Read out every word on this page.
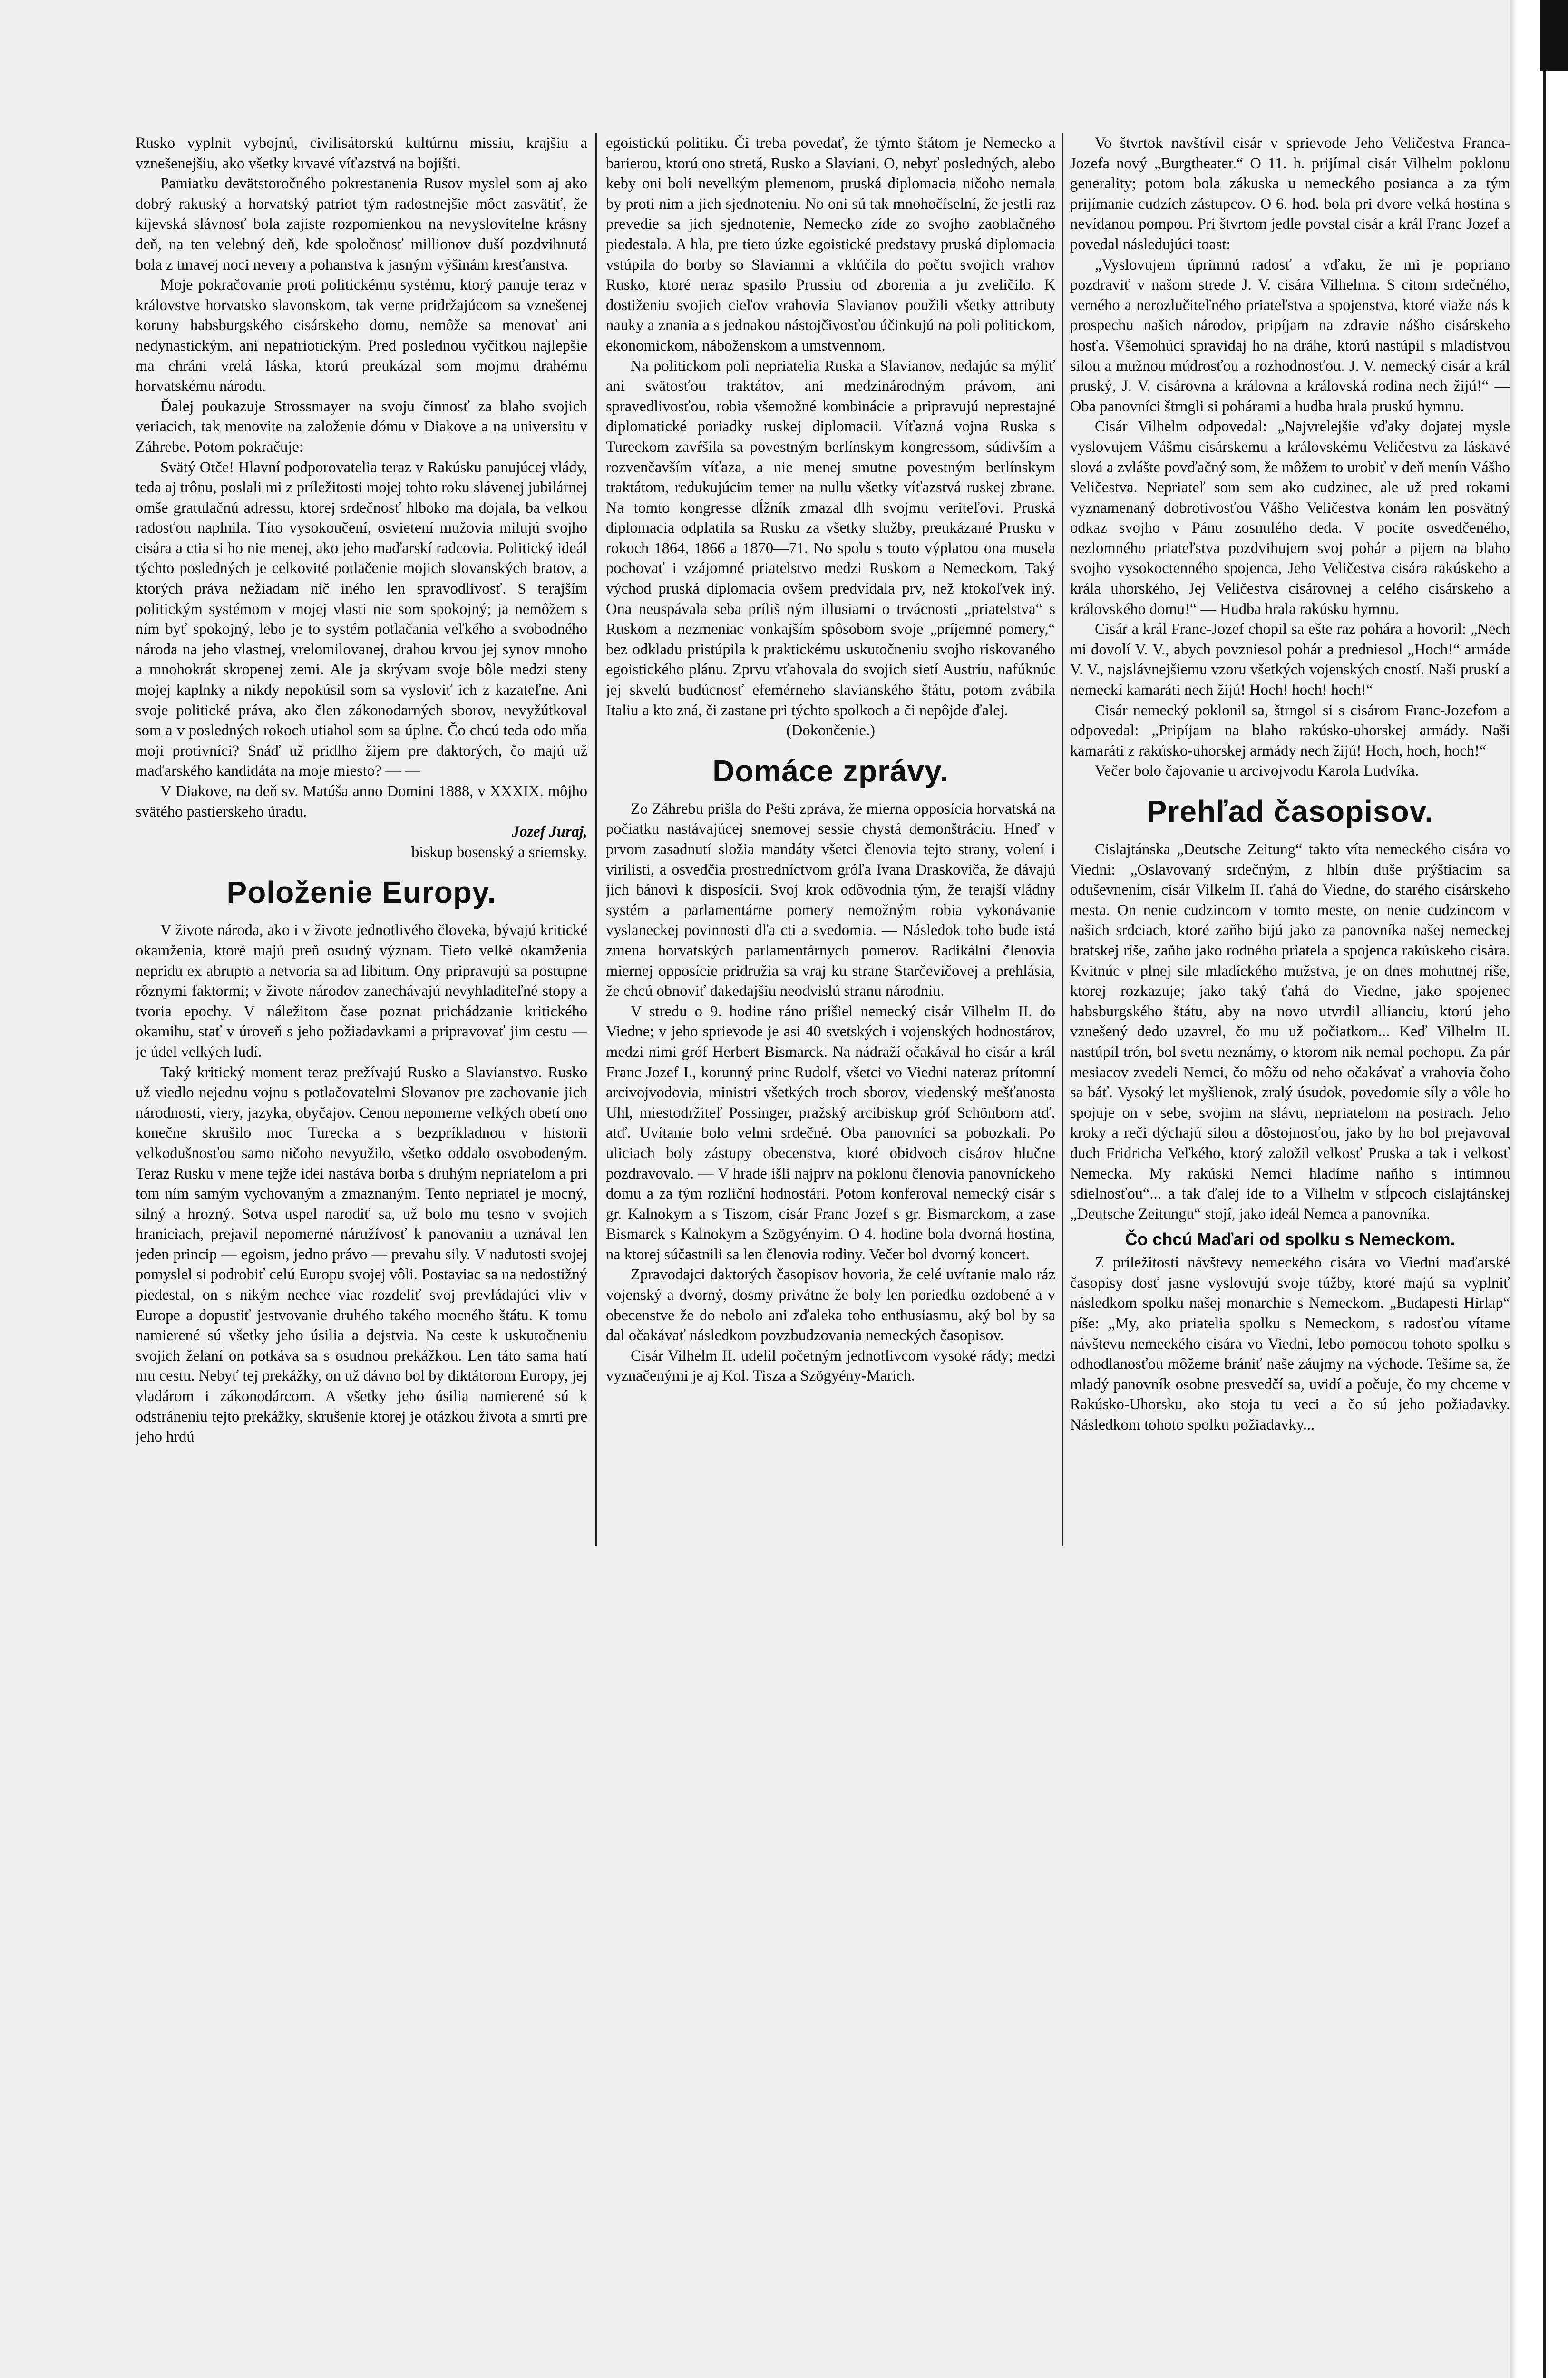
Rusko vyplnit vybojnú, civilisátorskú kultúrnu missiu, krajšiu a vznešenejšiu, ako všetky krvavé víťazstvá na bojišti.

Pamiatku devätstoročného pokrestanenia Rusov myslel som aj ako dobrý rakuský a horvatský patriot tým radostnejšie môct zasvätiť, že kijevská slávnosť bola zajiste rozpomienkou na nevyslovitelne krásny deň, na ten velebný deň, kde spoločnosť millionov duší pozdvihnutá bola z tmavej noci nevery a pohanstva k jasným výšinám kresťanstva.

Moje pokračovanie proti politickému systému, ktorý panuje teraz v královstve horvatsko slavonskom, tak verne pridržajúcom sa vznešenej koruny habsburgského cisárskeho domu, nemôže sa menovať ani nedynastickým, ani nepatriotickým. Pred poslednou vyčitkou najlepšie ma chráni vrelá láska, ktorú preukázal som mojmu drahému horvatskému národu.

Ďalej poukazuje Strossmayer na svoju činnosť za blaho svojich veriacich, tak menovite na založenie dómu v Diakove a na universitu v Záhrebe. Potom pokračuje:

Svätý Otče! Hlavní podporovatelia teraz v Rakúsku panujúcej vlády, teda aj trônu, poslali mi z príležitosti mojej tohto roku slávenej jubilárnej omše gratulačnú adressu, ktorej srdečnosť hlboko ma dojala, ba velkou radosťou naplnila. Títo vysokoučení, osvietení mužovia milujú svojho cisára a ctia si ho nie menej, ako jeho maďarskí radcovia. Politický ideál týchto posledných je celkovité potlačenie mojich slovanských bratov, a ktorých práva nežiadam nič iného len spravodlivosť. S terajším politickým systémom v mojej vlasti nie som spokojný; ja nemôžem s ním byť spokojný, lebo je to systém potlačania veľkého a svobodného národa na jeho vlastnej, vrelomilovanej, drahou krvou jej synov mnoho a mnohokrát skropenej zemi. Ale ja skrývam svoje bôle medzi steny mojej kaplnky a nikdy nepokúsil som sa vysloviť ich z kazateľne. Ani svoje politické práva, ako člen zákonodarných sborov, nevyžútkoval som a v posledných rokoch utiahol som sa úplne. Čo chcú teda odo mňa moji protivníci? Snáď už pridlho žijem pre daktorých, čo majú už maďarského kandidáta na moje miesto? — —

V Diakove, na deň sv. Matúša anno Domini 1888, v XXXIX. môjho svätého pastierskeho úradu.

Jozef Juraj,

biskup bosenský a sriemsky.

Položenie Europy.

V živote národa, ako i v živote jednotlivého človeka, bývajú kritické okamženia, ktoré majú preň osudný význam. Tieto velké okamženia nepridu ex abrupto a netvoria sa ad libitum. Ony pripravujú sa postupne rôznymi faktormi; v živote národov zanechávajú nevyhladiteľné stopy a tvoria epochy. V náležitom čase poznat prichádzanie kritického okamihu, stať v úroveň s jeho požiadavkami a pripravovať jim cestu — je údel velkých ludí.

Taký kritický moment teraz prežívajú Rusko a Slavianstvo. Rusko už viedlo nejednu vojnu s potlačovatelmi Slovanov pre zachovanie jich národnosti, viery, jazyka, obyčajov. Cenou nepomerne velkých obetí ono konečne skrušilo moc Turecka a s bezpríkladnou v historii velkodušnosťou samo ničoho nevyužilo, všetko oddalo osvobodeným. Teraz Rusku v mene tejže idei nastáva borba s druhým nepriatelom a pri tom ním samým vychovaným a zmaznaným. Tento nepriatel je mocný, silný a hrozný. Sotva uspel narodiť sa, už bolo mu tesno v svojich hraniciach, prejavil nepomerné náružívosť k panovaniu a uznával len jeden princip — egoism, jedno právo — prevahu sily. V nadutosti svojej pomyslel si podrobiť celú Europu svojej vôli. Postaviac sa na nedostižný piedestal, on s nikým nechce viac rozdeliť svoj prevládajúci vliv v Europe a dopustiť jestvovanie druhého takého mocného štátu. K tomu namierené sú všetky jeho úsilia a dejstvia. Na ceste k uskutočneniu svojich želaní on potkáva sa s osudnou prekážkou. Len táto sama hatí mu cestu. Nebyť tej prekážky, on už dávno bol by diktátorom Europy, jej vladárom i zákonodárcom. A všetky jeho úsilia namierené sú k odstráneniu tejto prekážky, skrušenie ktorej je otázkou života a smrti pre jeho hrdú

egoistickú politiku. Či treba povedať, že týmto štátom je Nemecko a barierou, ktorú ono stretá, Rusko a Slaviani. O, nebyť posledných, alebo keby oni boli nevelkým plemenom, pruská diplomacia ničoho nemala by proti nim a jich sjednoteniu. No oni sú tak mnohočíselní, že jestli raz prevedie sa jich sjednotenie, Nemecko zíde zo svojho zaoblačného piedestala. A hla, pre tieto úzke egoistické predstavy pruská diplomacia vstúpila do borby so Slavianmi a vklúčila do počtu svojich vrahov Rusko, ktoré neraz spasilo Prussiu od zborenia a ju zveličilo. K dostiženiu svojich cieľov vrahovia Slavianov použili všetky attributy nauky a znania a s jednakou nástojčivosťou účinkujú na poli politickom, ekonomickom, náboženskom a umstvennom.

Na politickom poli nepriatelia Ruska a Slavianov, nedajúc sa mýliť ani svätosťou traktátov, ani medzinárodným právom, ani spravedlivosťou, robia všemožné kombinácie a pripravujú neprestajné diplomatické poriadky ruskej diplomacii. Víťazná vojna Ruska s Tureckom zavŕšila sa povestným berlínskym kongressom, súdivším a rozvenčavším víťaza, a nie menej smutne povestným berlínskym traktátom, redukujúcim temer na nullu všetky víťazstvá ruskej zbrane. Na tomto kongresse dĺžník zmazal dlh svojmu veriteľovi. Pruská diplomacia odplatila sa Rusku za všetky služby, preukázané Prusku v rokoch 1864, 1866 a 1870—71. No spolu s touto výplatou ona musela pochovať i vzájomné priatelstvo medzi Ruskom a Nemeckom. Taký východ pruská diplomacia ovšem predvídala prv, než ktokoľvek iný. Ona neuspávala seba príliš ným illusiami o trvácnosti „priatelstva“ s Ruskom a nezmeniac vonkajším spôsobom svoje „príjemné pomery,“ bez odkladu pristúpila k praktickému uskutočneniu svojho riskovaného egoistického plánu. Zprvu vťahovala do svojich sietí Austriu, nafúknúc jej skvelú budúcnosť efemérneho slavianského štátu, potom zvábila Italiu a kto zná, či zastane pri týchto spolkoch a či nepôjde ďalej.

(Dokončenie.)

Domáce zprávy.

Zo Záhrebu prišla do Pešti zpráva, že mierna opposícia horvatská na počiatku nastávajúcej snemovej sessie chystá demonštráciu. Hneď v prvom zasadnutí složia mandáty všetci členovia tejto strany, volení i virilisti, a osvedčia prostredníctvom gróľa Ivana Draskoviča, že dávajú jich bánovi k disposícii. Svoj krok odôvodnia tým, že terajší vládny systém a parlamentárne pomery nemožným robia vykonávanie vyslaneckej povinnosti dľa cti a svedomia. — Následok toho bude istá zmena horvatských parlamentárnych pomerov. Radikálni členovia miernej opposície pridružia sa vraj ku strane Starčevičovej a prehlásia, že chcú obnoviť dakedajšiu neodvislú stranu národniu.

V stredu o 9. hodine ráno prišiel nemecký cisár Vilhelm II. do Viedne; v jeho sprievode je asi 40 svetských i vojenských hodnostárov, medzi nimi gróf Herbert Bismarck. Na nádraží očakával ho cisár a král Franc Jozef I., korunný princ Rudolf, všetci vo Viedni nateraz prítomní arcivojvodovia, ministri všetkých troch sborov, viedenský mešťanosta Uhl, miestodržiteľ Possinger, pražský arcibiskup gróf Schönborn atď. atď. Uvítanie bolo velmi srdečné. Oba panovníci sa pobozkali. Po uliciach boly zástupy obecenstva, ktoré obidvoch cisárov hlučne pozdravovalo. — V hrade išli najprv na poklonu členovia panovníckeho domu a za tým rozliční hodnostári. Potom konferoval nemecký cisár s gr. Kalnokym a s Tiszom, cisár Franc Jozef s gr. Bismarckom, a zase Bismarck s Kalnokym a Szögyényim. O 4. hodine bola dvorná hostina, na ktorej súčastnili sa len členovia rodiny. Večer bol dvorný koncert.

Zpravodajci daktorých časopisov hovoria, že celé uvítanie malo ráz vojenský a dvorný, dosmy privátne že boly len poriedku ozdobené a v obecenstve že do nebolo ani zďaleka toho enthusiasmu, aký bol by sa dal očakávať následkom povzbudzovania nemeckých časopisov.

Cisár Vilhelm II. udelil početným jednotlivcom vysoké rády; medzi vyznačenými je aj Kol. Tisza a Szögyény-Marich.

Vo štvrtok navštívil cisár v sprievode Jeho Veličestva Franca-Jozefa nový „Burgtheater.“ O 11. h. prijímal cisár Vilhelm poklonu generality; potom bola zákuska u nemeckého posianca a za tým prijímanie cudzích zástupcov. O 6. hod. bola pri dvore velká hostina s nevídanou pompou. Pri štvrtom jedle povstal cisár a král Franc Jozef a povedal následujúci toast:

„Vyslovujem úprimnú radosť a vďaku, že mi je popriano pozdraviť v našom strede J. V. cisára Vilhelma. S citom srdečného, verného a nerozlučiteľného priateľstva a spojenstva, ktoré viaže nás k prospechu našich národov, pripíjam na zdravie nášho cisárskeho hosťa. Všemohúci spravidaj ho na dráhe, ktorú nastúpil s mladistvou silou a mužnou múdrosťou a rozhodnosťou. J. V. nemecký cisár a král pruský, J. V. cisárovna a královna a královská rodina nech žijú!“ — Oba panovníci štrngli si pohárami a hudba hrala pruskú hymnu.

Cisár Vilhelm odpovedal: „Najvrelejšie vďaky dojatej mysle vyslovujem Vášmu cisárskemu a královskému Veličestvu za láskavé slová a zvlášte povďačný som, že môžem to urobiť v deň menín Vášho Veličestva. Nepriateľ som sem ako cudzinec, ale už pred rokami vyznamenaný dobrotivosťou Vášho Veličestva konám len posvätný odkaz svojho v Pánu zosnulého deda. V pocite osvedčeného, nezlomného priateľstva pozdvihujem svoj pohár a pijem na blaho svojho vysokoctenného spojenca, Jeho Veličestva cisára rakúskeho a krála uhorského, Jej Veličestva cisárovnej a celého cisárskeho a královského domu!“ — Hudba hrala rakúsku hymnu.

Cisár a král Franc-Jozef chopil sa ešte raz pohára a hovoril: „Nech mi dovolí V. V., abych povzniesol pohár a predniesol „Hoch!“ armáde V. V., najslávnejšiemu vzoru všetkých vojenských cností. Naši pruskí a nemeckí kamaráti nech žijú! Hoch! hoch! hoch!“

Cisár nemecký poklonil sa, štrngol si s cisárom Franc-Jozefom a odpovedal: „Pripíjam na blaho rakúsko-uhorskej armády. Naši kamaráti z rakúsko-uhorskej armády nech žijú! Hoch, hoch, hoch!“

Večer bolo čajovanie u arcivojvodu Karola Ludvíka.

Prehľad časopisov.

Cislajtánska „Deutsche Zeitung“ takto víta nemeckého cisára vo Viedni: „Oslavovaný srdečným, z hlbín duše prýštiacim sa oduševnením, cisár Vilkelm II. ťahá do Viedne, do starého cisárskeho mesta. On nenie cudzincom v tomto meste, on nenie cudzincom v našich srdciach, ktoré zaňho bijú jako za panovníka našej nemeckej bratskej ríše, zaňho jako rodného priatela a spojenca rakúskeho cisára. Kvitnúc v plnej sile mladíckého mužstva, je on dnes mohutnej ríše, ktorej rozkazuje; jako taký ťahá do Viedne, jako spojenec habsburgského štátu, aby na novo utvrdil allianciu, ktorú jeho vznešený dedo uzavrel, čo mu už počiatkom... Keď Vilhelm II. nastúpil trón, bol svetu neznámy, o ktorom nik nemal pochopu. Za pár mesiacov zvedeli Nemci, čo môžu od neho očakávať a vrahovia čoho sa báť. Vysoký let myšlienok, zralý úsudok, povedomie síly a vôle ho spojuje on v sebe, svojim na slávu, nepriatelom na postrach. Jeho kroky a reči dýchajú silou a dôstojnosťou, jako by ho bol prejavoval duch Fridricha Veľkého, ktorý založil velkosť Pruska a tak i velkosť Nemecka. My rakúski Nemci hladíme naňho s intimnou sdielnosťou“... a tak ďalej ide to a Vilhelm v stĺpcoch cislajtánskej „Deutsche Zeitungu“ stojí, jako ideál Nemca a panovníka.

Čo chcú Maďari od spolku s Nemeckom.

Z príležitosti návštevy nemeckého cisára vo Viedni maďarské časopisy dosť jasne vyslovujú svoje túžby, ktoré majú sa vyplniť následkom spolku našej monarchie s Nemeckom. „Budapesti Hirlap“ píše: „My, ako priatelia spolku s Nemeckom, s radosťou vítame návštevu nemeckého cisára vo Viedni, lebo pomocou tohoto spolku s odhodlanosťou môžeme brániť naše záujmy na východe. Tešíme sa, že mladý panovník osobne presvedčí sa, uvidí a počuje, čo my chceme v Rakúsko-Uhorsku, ako stoja tu veci a čo sú jeho požiadavky. Následkom tohoto spolku požiadavky...
